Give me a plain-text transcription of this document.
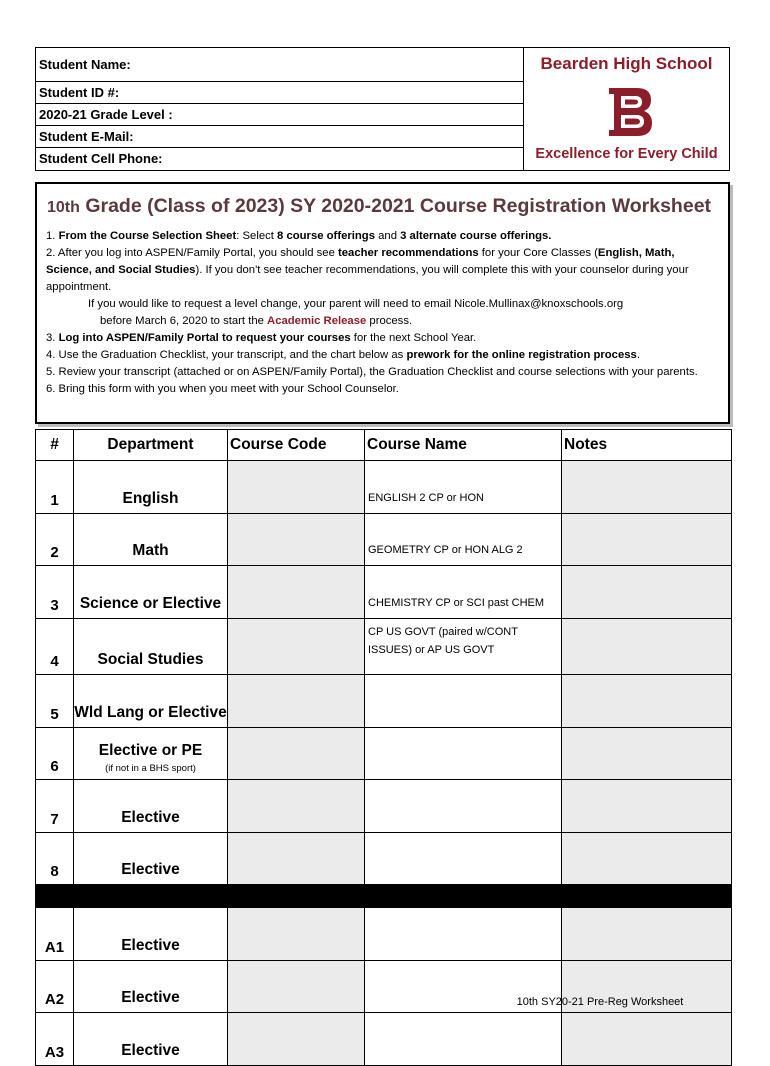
Student Name:
Student ID #:
2020-21 Grade Level :
Student E-Mail:
Student Cell Phone:
Bearden High School
Excellence for Every Child
10th Grade (Class of 2023) SY 2020-2021 Course Registration Worksheet

1. From the Course Selection Sheet: Select 8 course offerings and 3 alternate course offerings.

2. After you log into ASPEN/Family Portal, you should see teacher recommendations for your Core Classes (English, Math, Science, and Social Studies). If you don't see teacher recommendations, you will complete this with your counselor during your appointment.

If you would like to request a level change, your parent will need to email Nicole.Mullinax@knoxschools.org
before March 6, 2020 to start the Academic Release process.

3. Log into ASPEN/Family Portal to request your courses for the next School Year.

4. Use the Graduation Checklist, your transcript, and the chart below as prework for the online registration process.

5. Review your transcript (attached or on ASPEN/Family Portal), the Graduation Checklist and course selections with your parents.

6. Bring this form with you when you meet with your School Counselor.

#	Department	Course Code	Course Name	Notes
1	English		ENGLISH 2 CP or HON	
2	Math		GEOMETRY CP or HON ALG 2	
3	Science or Elective		CHEMISTRY CP or SCI past CHEM	
4	Social Studies		CP US GOVT (paired w/CONT ISSUES) or AP US GOVT	
5	Wld Lang or Elective			
6	Elective or PE
(if not in a BHS sport)			

7	Elective			
8	Elective			

A1	Elective			
A2	Elective			
A3	Elective			
10th SY20-21 Pre-Reg Worksheet
